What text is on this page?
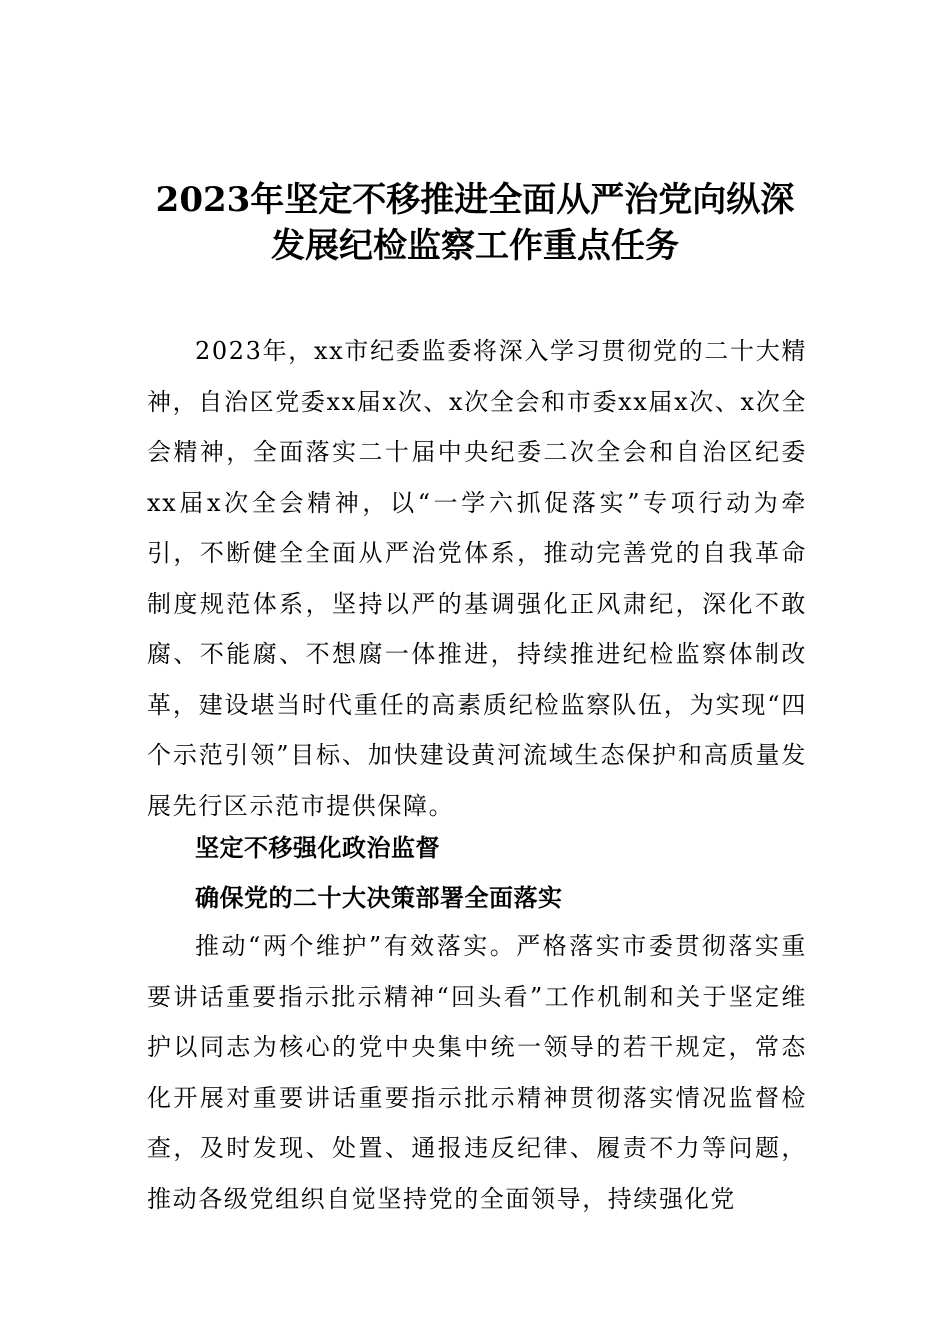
2023年坚定不移推进全面从严治党向纵深
发展纪检监察工作重点任务

2023年，xx市纪委监委将深入学习贯彻党的二十大精神，自治区党委xx届x次、x次全会和市委xx届x次、x次全会精神，全面落实二十届中央纪委二次全会和自治区纪委xx届x次全会精神，以“一学六抓促落实”专项行动为牵引，不断健全全面从严治党体系，推动完善党的自我革命制度规范体系，坚持以严的基调强化正风肃纪，深化不敢腐、不能腐、不想腐一体推进，持续推进纪检监察体制改革，建设堪当时代重任的高素质纪检监察队伍，为实现“四个示范引领”目标、加快建设黄河流域生态保护和高质量发展先行区示范市提供保障。

坚定不移强化政治监督
确保党的二十大决策部署全面落实

推动“两个维护”有效落实。严格落实市委贯彻落实重要讲话重要指示批示精神“回头看”工作机制和关于坚定维护以同志为核心的党中央集中统一领导的若干规定，常态化开展对重要讲话重要指示批示精神贯彻落实情况监督检查，及时发现、处置、通报违反纪律、履责不力等问题，推动各级党组织自觉坚持党的全面领导，持续强化党
